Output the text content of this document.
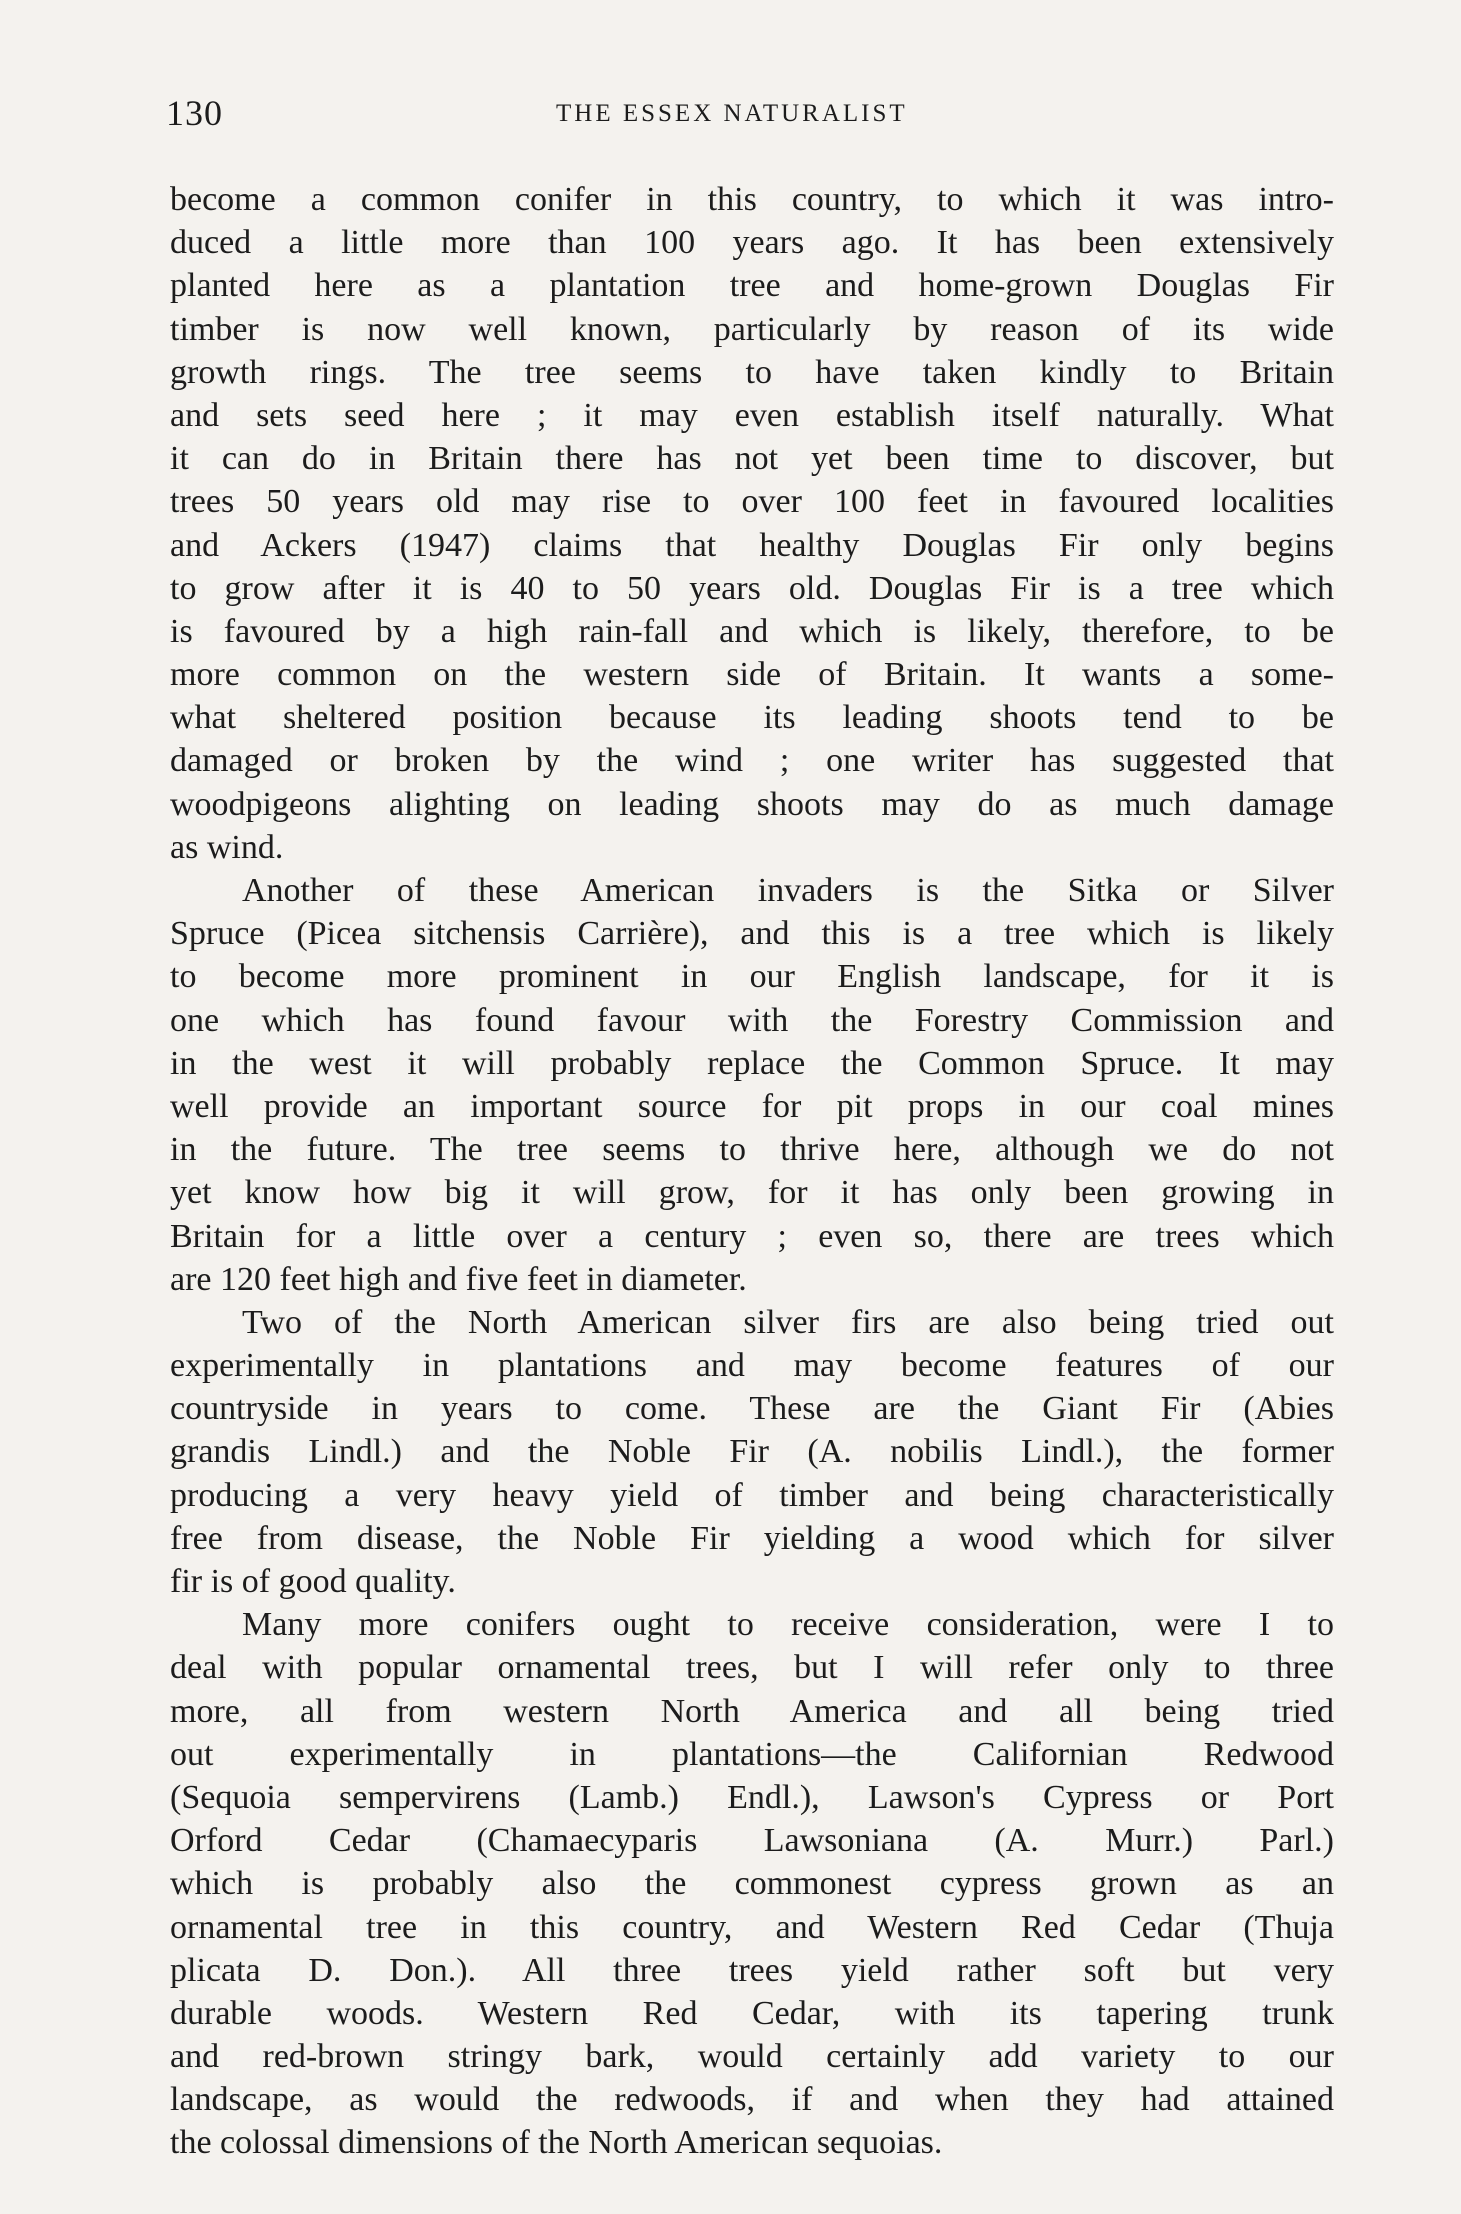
130	THE ESSEX NATURALIST
become a common conifer in this country, to which it was intro-
duced a little more than 100 years ago. It has been extensively
planted here as a plantation tree and home-grown Douglas Fir
timber is now well known, particularly by reason of its wide
growth rings. The tree seems to have taken kindly to Britain
and sets seed here ; it may even establish itself naturally. What
it can do in Britain there has not yet been time to discover, but
trees 50 years old may rise to over 100 feet in favoured localities
and Ackers (1947) claims that healthy Douglas Fir only begins
to grow after it is 40 to 50 years old. Douglas Fir is a tree which
is favoured by a high rain-fall and which is likely, therefore, to be
more common on the western side of Britain. It wants a some-
what sheltered position because its leading shoots tend to be
damaged or broken by the wind ; one writer has suggested that
woodpigeons alighting on leading shoots may do as much damage
as wind.
Another of these American invaders is the Sitka or Silver
Spruce (Picea sitchensis Carrière), and this is a tree which is likely
to become more prominent in our English landscape, for it is
one which has found favour with the Forestry Commission and
in the west it will probably replace the Common Spruce. It may
well provide an important source for pit props in our coal mines
in the future. The tree seems to thrive here, although we do not
yet know how big it will grow, for it has only been growing in
Britain for a little over a century ; even so, there are trees which
are 120 feet high and five feet in diameter.
Two of the North American silver firs are also being tried out
experimentally in plantations and may become features of our
countryside in years to come. These are the Giant Fir (Abies
grandis Lindl.) and the Noble Fir (A. nobilis Lindl.), the former
producing a very heavy yield of timber and being characteristically
free from disease, the Noble Fir yielding a wood which for silver
fir is of good quality.
Many more conifers ought to receive consideration, were I to
deal with popular ornamental trees, but I will refer only to three
more, all from western North America and all being tried
out experimentally in plantations—the Californian Redwood
(Sequoia sempervirens (Lamb.) Endl.), Lawson's Cypress or Port
Orford Cedar (Chamaecyparis Lawsoniana (A. Murr.) Parl.)
which is probably also the commonest cypress grown as an
ornamental tree in this country, and Western Red Cedar (Thuja
plicata D. Don.). All three trees yield rather soft but very
durable woods. Western Red Cedar, with its tapering trunk
and red-brown stringy bark, would certainly add variety to our
landscape, as would the redwoods, if and when they had attained
the colossal dimensions of the North American sequoias.
